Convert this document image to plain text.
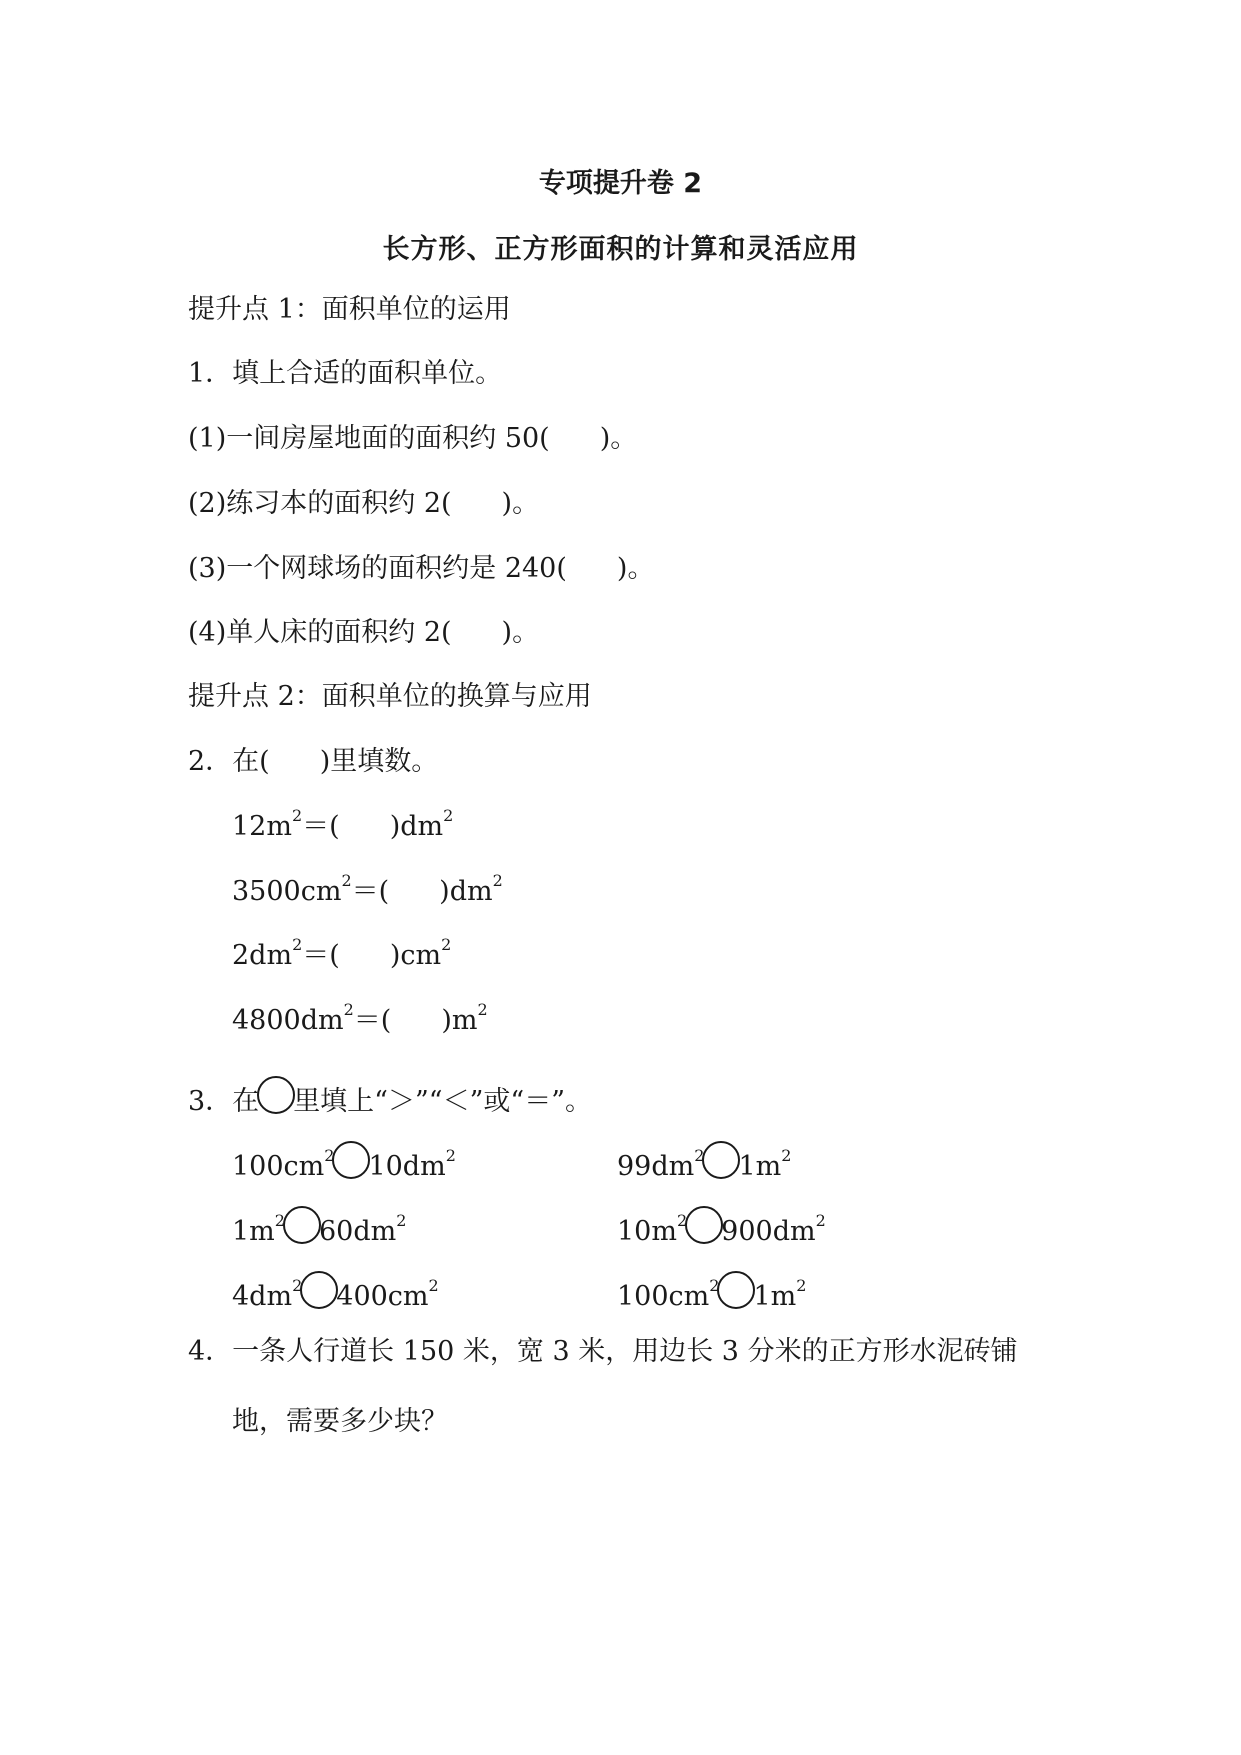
专项提升卷 2
长方形、正方形面积的计算和灵活应用
提升点 1：面积单位的运用
1．填上合适的面积单位。
(1)一间房屋地面的面积约 50( )。
(2)练习本的面积约 2( )。
(3)一个网球场的面积约是 240( )。
(4)单人床的面积约 2( )。
提升点 2：面积单位的换算与应用
2．在( )里填数。
$12m^2=$( )$dm^2$
$3500cm^2=$( )$dm^2$
$2dm^2=$( )$cm^2$
$4800dm^2=$( )$m^2$
3．在 里填上“＞”“＜”或“＝”。
$100cm^2$ $10dm^2$	$99dm^2$ $1m^2$
$1m^2$ $60dm^2$	$10m^2$ $900dm^2$
$4dm^2$ $400cm^2$	$100cm^2$ $1m^2$
4．一条人行道长 150 米，宽 3 米，用边长 3 分米的正方形水泥砖铺
地，需要多少块？
